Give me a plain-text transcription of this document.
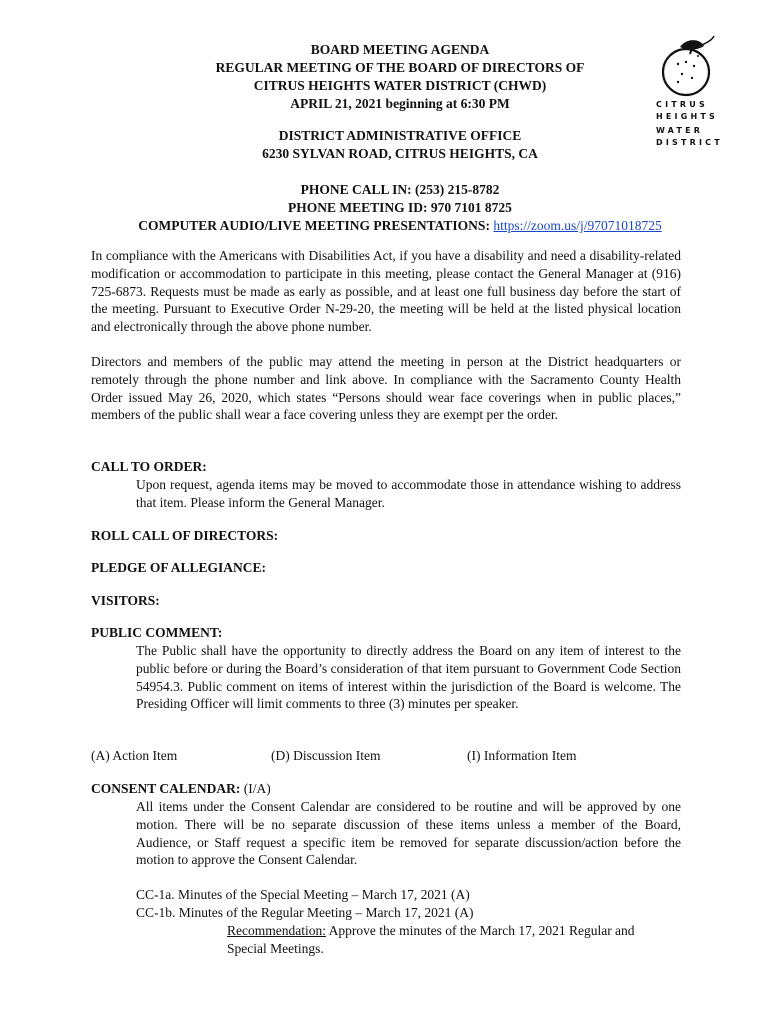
BOARD MEETING AGENDA
REGULAR MEETING OF THE BOARD OF DIRECTORS OF
CITRUS HEIGHTS WATER DISTRICT (CHWD)
APRIL 21, 2021 beginning at 6:30 PM
DISTRICT ADMINISTRATIVE OFFICE
6230 SYLVAN ROAD, CITRUS HEIGHTS, CA
PHONE CALL IN: (253) 215-8782
PHONE MEETING ID: 970 7101 8725
COMPUTER AUDIO/LIVE MEETING PRESENTATIONS: https://zoom.us/j/97071018725
CITRUS
HEIGHTS
WATER
DISTRICT
In compliance with the Americans with Disabilities Act, if you have a disability and need a disability-related modification or accommodation to participate in this meeting, please contact the General Manager at (916) 725-6873. Requests must be made as early as possible, and at least one full business day before the start of the meeting. Pursuant to Executive Order N-29-20, the meeting will be held at the listed physical location and electronically through the above phone number.
Directors and members of the public may attend the meeting in person at the District headquarters or remotely through the phone number and link above. In compliance with the Sacramento County Health Order issued May 26, 2020, which states “Persons should wear face coverings when in public places,” members of the public shall wear a face covering unless they are exempt per the order.
CALL TO ORDER:
Upon request, agenda items may be moved to accommodate those in attendance wishing to address that item. Please inform the General Manager.
ROLL CALL OF DIRECTORS:
PLEDGE OF ALLEGIANCE:
VISITORS:
PUBLIC COMMENT:
The Public shall have the opportunity to directly address the Board on any item of interest to the public before or during the Board’s consideration of that item pursuant to Government Code Section 54954.3. Public comment on items of interest within the jurisdiction of the Board is welcome. The Presiding Officer will limit comments to three (3) minutes per speaker.
(A) Action Item	(D) Discussion Item	(I) Information Item
CONSENT CALENDAR: (I/A)
All items under the Consent Calendar are considered to be routine and will be approved by one motion. There will be no separate discussion of these items unless a member of the Board, Audience, or Staff request a specific item be removed for separate discussion/action before the motion to approve the Consent Calendar.
CC-1a. Minutes of the Special Meeting – March 17, 2021 (A)
CC-1b. Minutes of the Regular Meeting – March 17, 2021 (A)
Recommendation: Approve the minutes of the March 17, 2021 Regular and Special Meetings.
